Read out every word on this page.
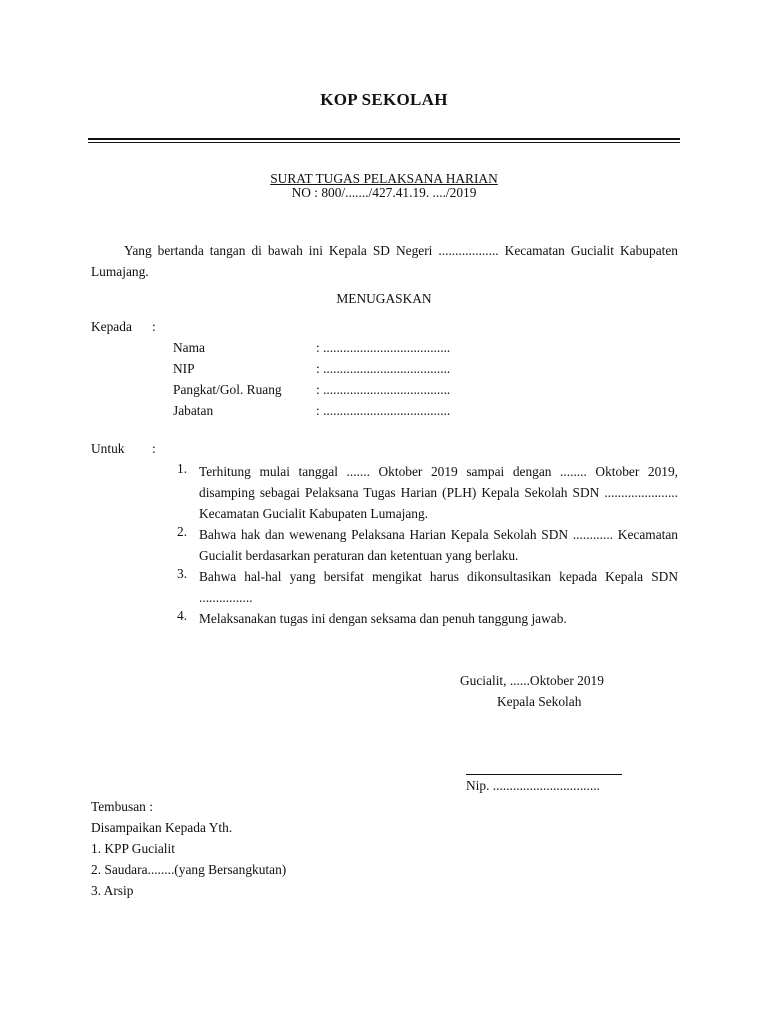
KOP SEKOLAH
SURAT TUGAS PELAKSANA HARIAN
NO : 800/......./427.41.19. ..../2019
Yang bertanda tangan di bawah ini Kepala SD Negeri .................. Kecamatan Gucialit Kabupaten Lumajang.
MENUGASKAN
Kepada :
Nama	: ......................................
NIP	: ......................................
Pangkat/Gol. Ruang	: ......................................
Jabatan	: ......................................
Untuk :
1. Terhitung mulai tanggal ....... Oktober 2019 sampai dengan ........ Oktober 2019, disamping sebagai Pelaksana Tugas Harian (PLH) Kepala Sekolah SDN ...................... Kecamatan Gucialit Kabupaten Lumajang.
2. Bahwa hak dan wewenang Pelaksana Harian Kepala Sekolah SDN ............ Kecamatan Gucialit berdasarkan peraturan dan ketentuan yang berlaku.
3. Bahwa hal-hal yang bersifat mengikat harus dikonsultasikan kepada Kepala SDN ................
4. Melaksanakan tugas ini dengan seksama dan penuh tanggung jawab.
Gucialit, ......Oktober 2019
Kepala Sekolah
Nip. ................................
Tembusan :
Disampaikan Kepada Yth.
1. KPP Gucialit
2. Saudara........(yang Bersangkutan)
3. Arsip
